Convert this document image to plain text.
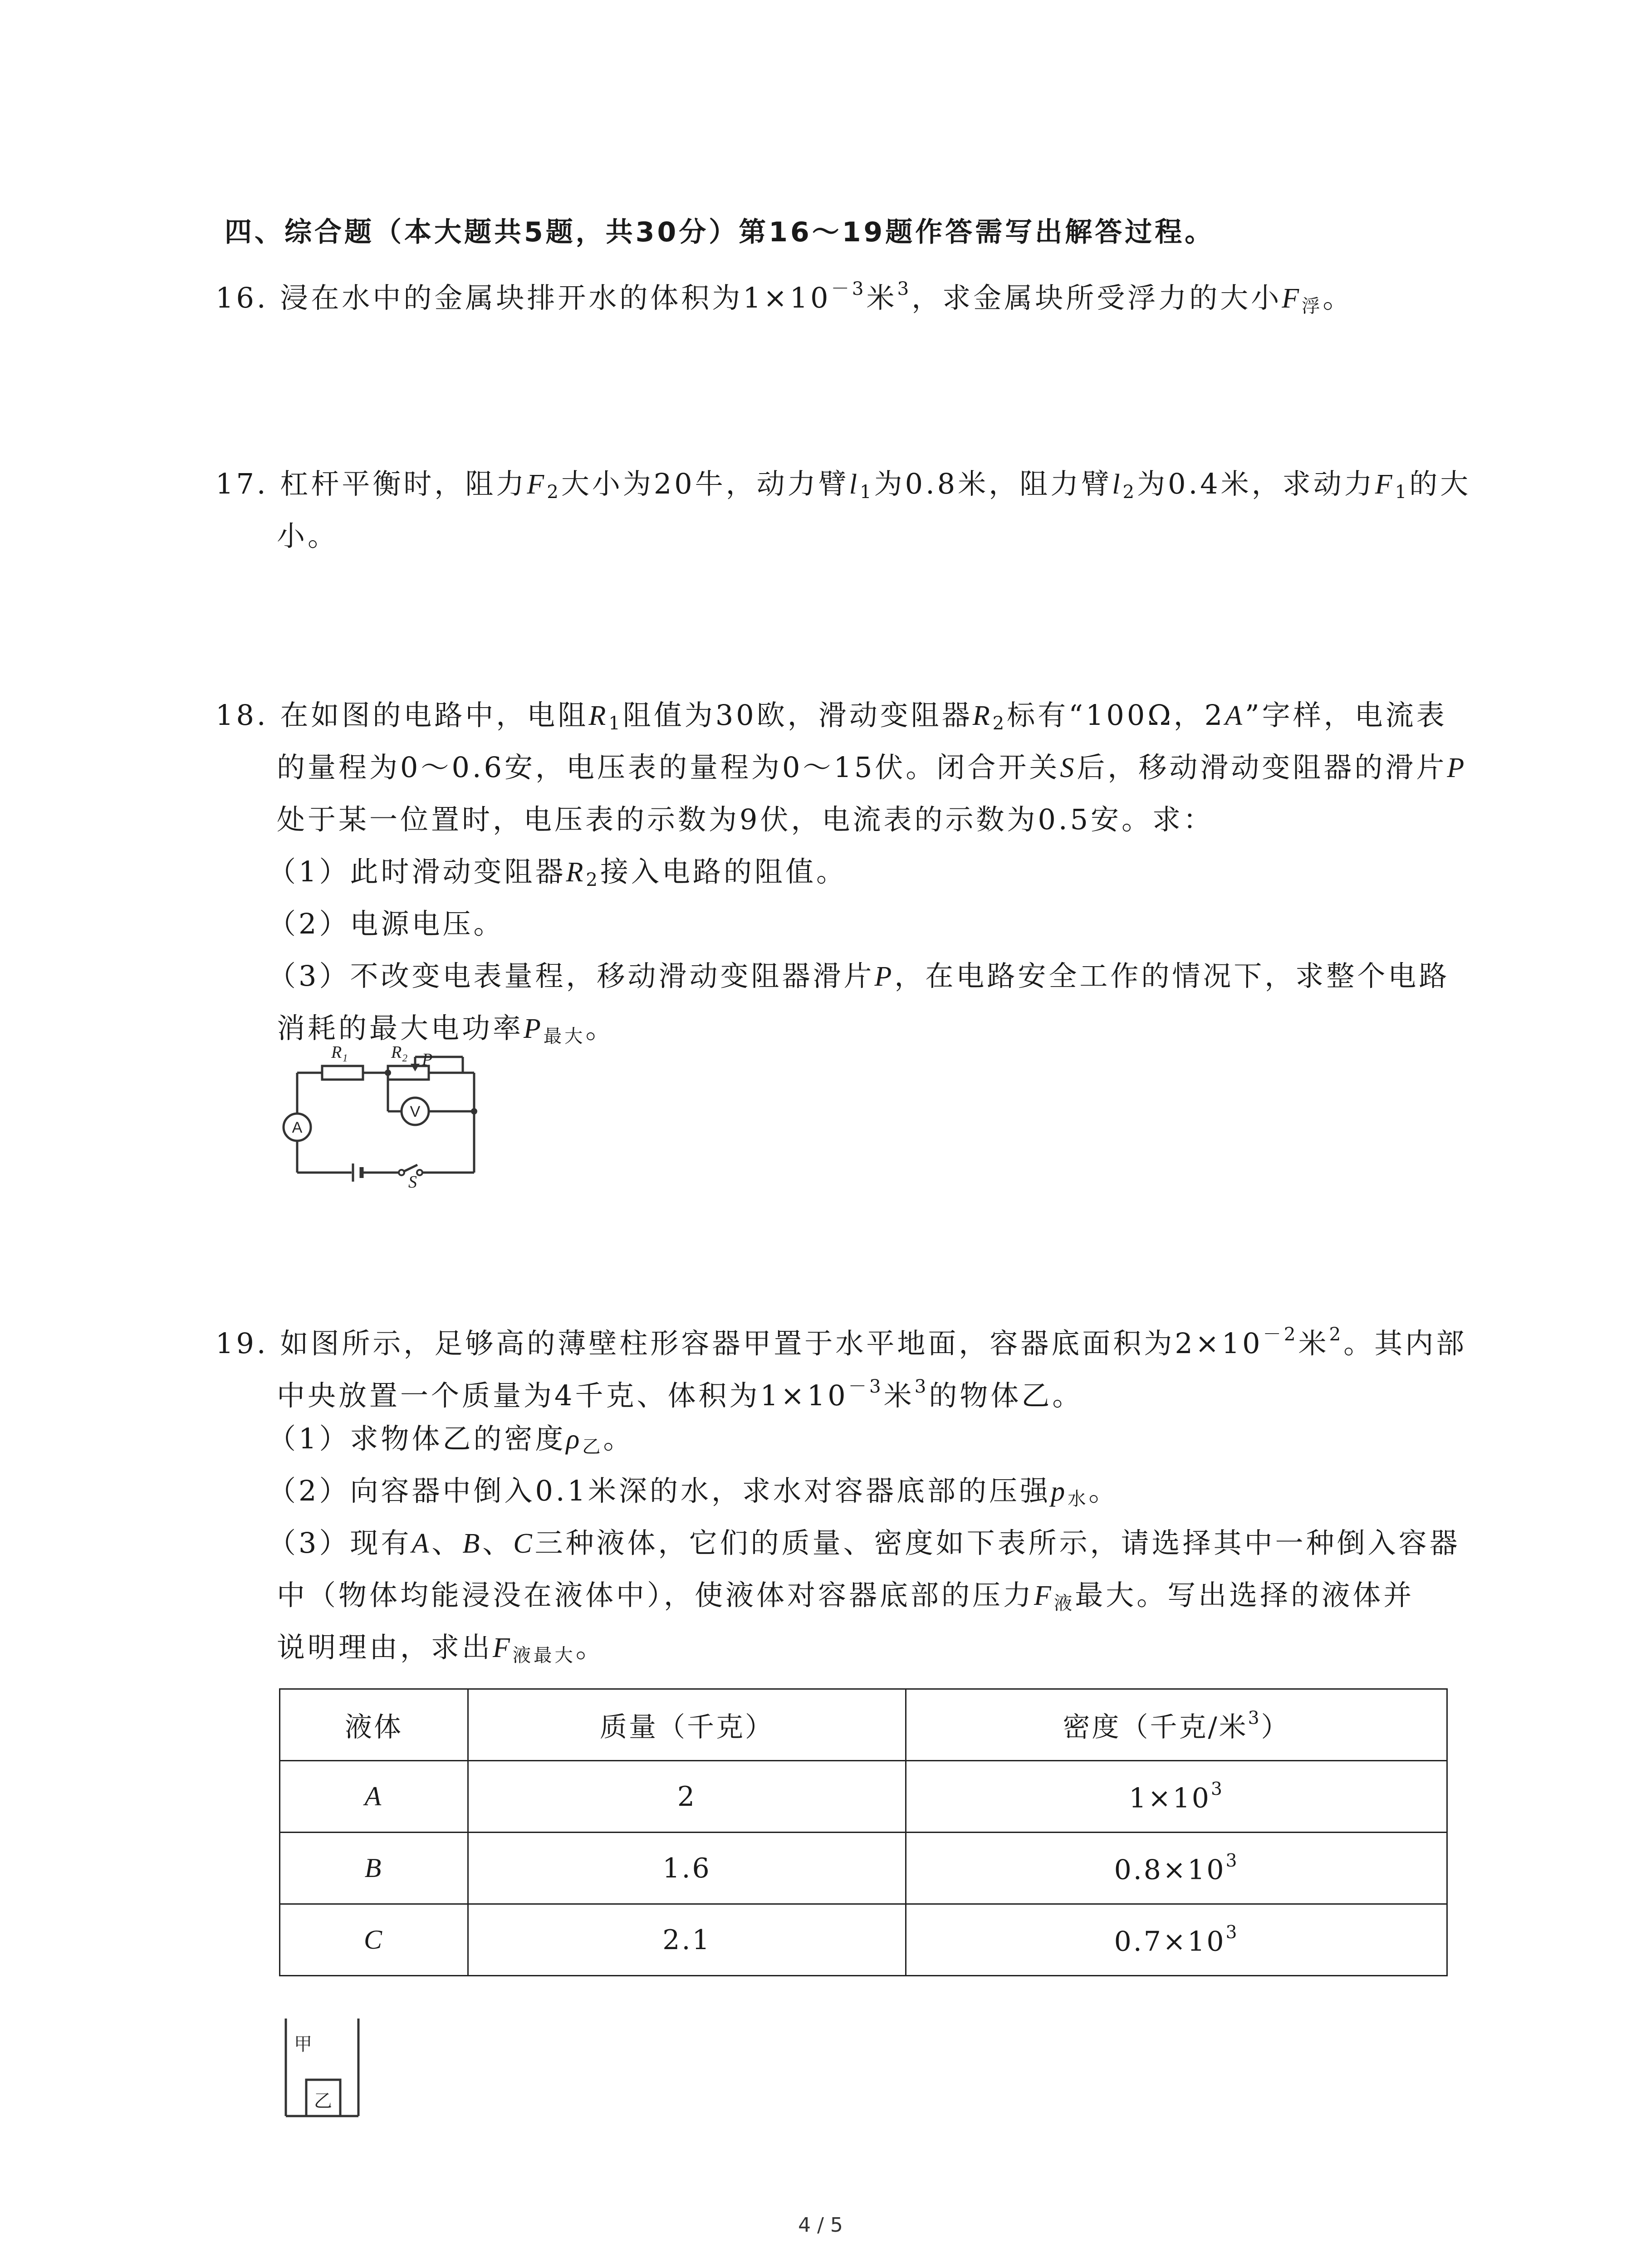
四、综合题（本大题共5题，共30分）第16～19题作答需写出解答过程。
16. 浸在水中的金属块排开水的体积为$1\times 10^{-3}$米$^3$，求金属块所受浮力的大小$F_浮$。
17. 杠杆平衡时，阻力$F_2$大小为20牛，动力臂$l_1$为0.8米，阻力臂$l_2$为0.4米，求动力$F_1$的大
小。
18. 在如图的电路中，电阻$R_1$阻值为30欧，滑动变阻器$R_2$标有“100Ω，2A”字样，电流表
的量程为0～0.6安，电压表的量程为0～15伏。闭合开关S后，移动滑动变阻器的滑片P
处于某一位置时，电压表的示数为9伏，电流表的示数为0.5安。求：
（1）此时滑动变阻器$R_2$接入电路的阻值。
（2）电源电压。
（3）不改变电表量程，移动滑动变阻器滑片P，在电路安全工作的情况下，求整个电路
消耗的最大电功率$P_{最大}$。
R₁	R₂ P
S
A
V
19. 如图所示，足够高的薄壁柱形容器甲置于水平地面，容器底面积为$2\times 10^{-2}$米$^2$。其内部
中央放置一个质量为4千克、体积为$1\times 10^{-3}$米$^3$的物体乙。
（1）求物体乙的密度$\rho_乙$。
（2）向容器中倒入0.1米深的水，求水对容器底部的压强$p_水$。
（3）现有A、B、C三种液体，它们的质量、密度如下表所示，请选择其中一种倒入容器
中（物体均能浸没在液体中），使液体对容器底部的压力$F_液$最大。写出选择的液体并
说明理由，求出$F_{液最大}$。
液体	质量（千克）	密度（千克/米$^3$）
A	2	$1\times 10^3$
B	1.6	$0.8\times 10^3$
C	2.1	$0.7\times 10^3$
甲
乙
4 / 5
